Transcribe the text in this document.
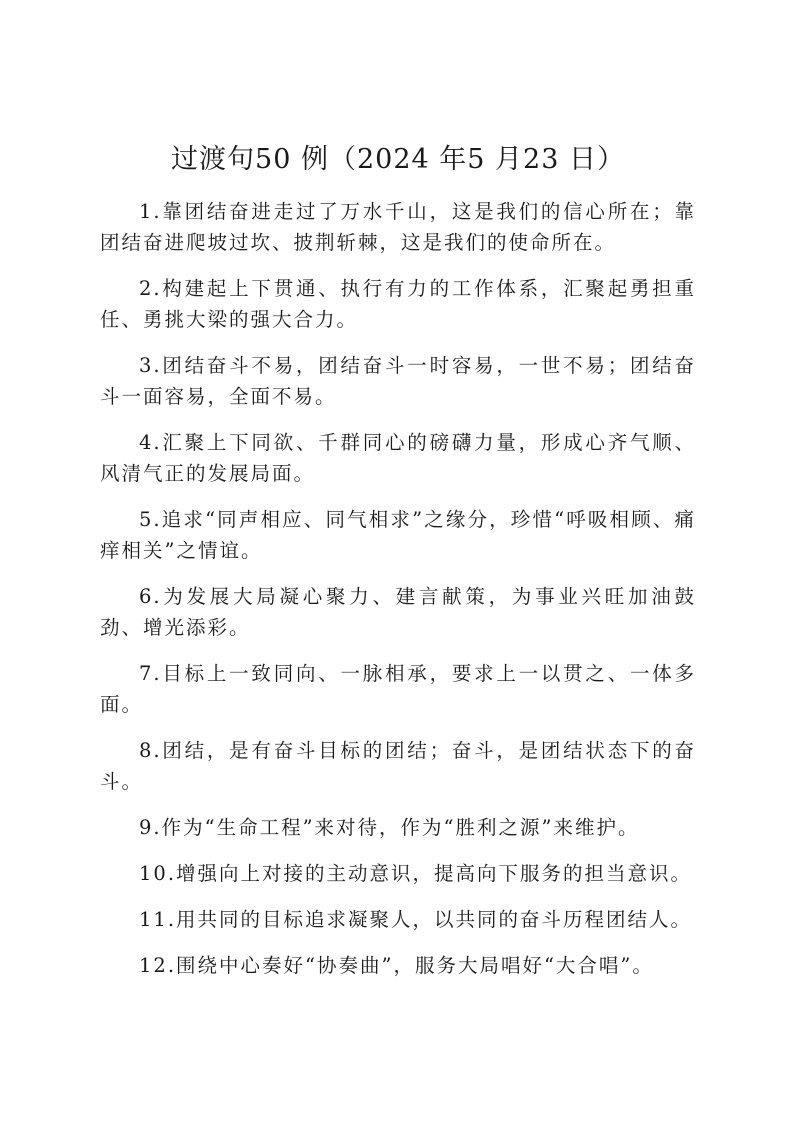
过渡句50 例（2024 年5 月23 日）
1.靠团结奋进走过了万水千山，这是我们的信心所在；靠团结奋进爬坡过坎、披荆斩棘，这是我们的使命所在。
2.构建起上下贯通、执行有力的工作体系，汇聚起勇担重任、勇挑大梁的强大合力。
3.团结奋斗不易，团结奋斗一时容易，一世不易；团结奋斗一面容易，全面不易。
4.汇聚上下同欲、千群同心的磅礴力量，形成心齐气顺、风清气正的发展局面。
5.追求“同声相应、同气相求”之缘分，珍惜“呼吸相顾、痛痒相关”之情谊。
6.为发展大局凝心聚力、建言献策，为事业兴旺加油鼓劲、增光添彩。
7.目标上一致同向、一脉相承，要求上一以贯之、一体多面。
8.团结，是有奋斗目标的团结；奋斗，是团结状态下的奋斗。
9.作为“生命工程”来对待，作为“胜利之源”来维护。
10.增强向上对接的主动意识，提高向下服务的担当意识。
11.用共同的目标追求凝聚人，以共同的奋斗历程团结人。
12.围绕中心奏好“协奏曲”，服务大局唱好“大合唱”。
